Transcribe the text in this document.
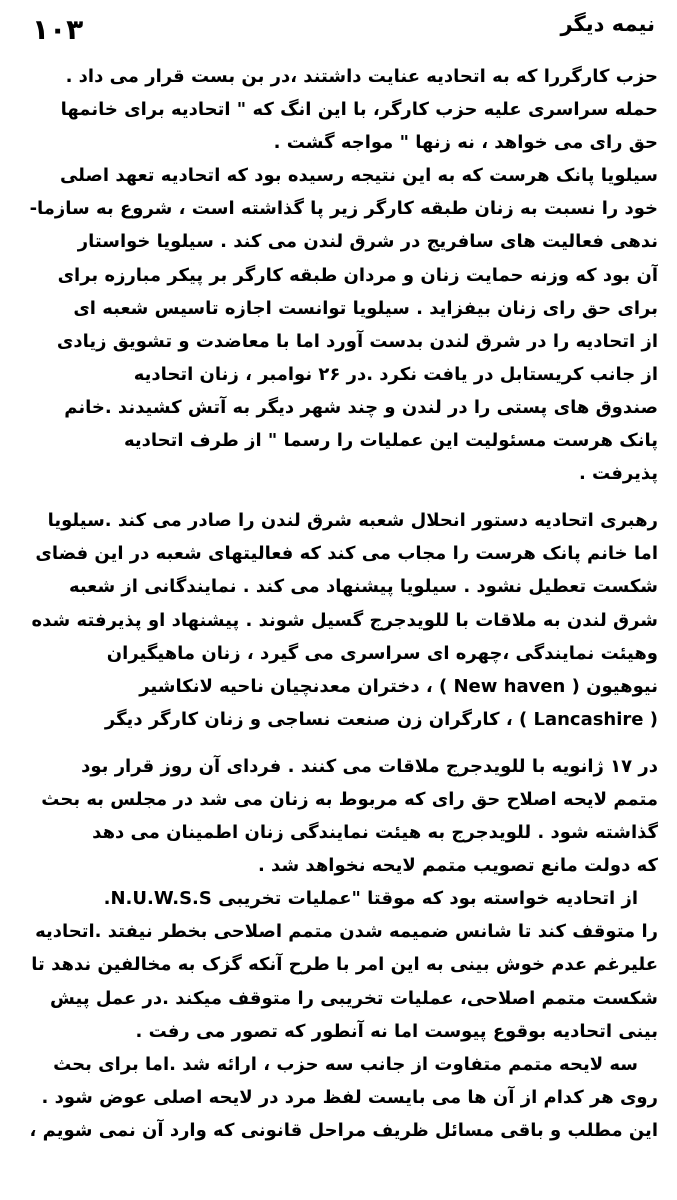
۱۰۳	نیمه دیگر
حزب کارگررا که به اتحادیه عنایت داشتند ،در بن بست قرار می داد .
حمله سراسری علیه حزب کارگر، با این انگ که " اتحادیه برای خانمها
حق رای می خواهد ، نه زنها " مواجه گشت .
سیلویا پانک هرست که به این نتیجه رسیده بود که اتحادیه تعهد اصلی
خود را نسبت به زنان طبقه کارگر زیر پا گذاشته است ، شروع به سازما-
ندهی فعالیت های سافریج در شرق لندن می کند . سیلویا خواستار
آن بود که وزنه حمایت زنان و مردان طبقه کارگر بر پیکر مبارزه برای
برای حق رای زنان بیفزاید . سیلویا توانست اجازه تاسیس شعبه ای
از اتحادیه را در شرق لندن بدست آورد اما با معاضدت و تشویق زیادی
از جانب کریستابل در یافت نکرد .در ۲۶ نوامبر ، زنان اتحادیه
صندوق های پستی را در لندن و چند شهر دیگر به آتش کشیدند .خانم
پانک هرست مسئولیت این عملیات را رسما " از طرف اتحادیه
پذیرفت .
رهبری اتحادیه دستور انحلال شعبه شرق لندن را صادر می کند .سیلویا
اما خانم پانک هرست را مجاب می کند که فعالیتهای شعبه در این فضای
شکست تعطیل نشود . سیلویا پیشنهاد می کند . نمایندگانی از شعبه
شرق لندن به ملاقات با للویدجرج گسیل شوند . پیشنهاد او پذیرفته شده
وهیئت نمایندگی ،چهره ای سراسری می گیرد ، زنان ماهیگیران
نیوهیون ( New haven ) ، دختران معدنچیان ناحیه لانکاشیر
( Lancashire ) ، کارگران زن صنعت نساجی و زنان کارگر دیگر
در ۱۷ ژانویه با للویدجرج ملاقات می کنند . فردای آن روز قرار بود
متمم لایحه اصلاح حق رای که مربوط به زنان می شد در مجلس به بحث
گذاشته شود . للویدجرج به هیئت نمایندگی زنان اطمینان می دهد
که دولت مانع تصویب متمم لایحه نخواهد شد .
از اتحادیه خواسته بود که موقتا "عملیات تخریبی N.U.W.S.S.
را متوقف کند تا شانس ضمیمه شدن متمم اصلاحی بخطر نیفتد .اتحادیه
علیرغم عدم خوش بینی به این امر با طرح آنکه گزک به مخالفین ندهد تا
شکست متمم اصلاحی، عملیات تخریبی را متوقف میکند .در عمل پیش
بینی اتحادیه بوقوع پیوست اما نه آنطور که تصور می رفت .
سه لایحه متمم متفاوت از جانب سه حزب ، ارائه شد .اما برای بحث
روی هر کدام از آن ها می بایست لفظ مرد در لایحه اصلی عوض شود .
این مطلب و باقی مسائل ظریف مراحل قانونی که وارد آن نمی شویم ،
